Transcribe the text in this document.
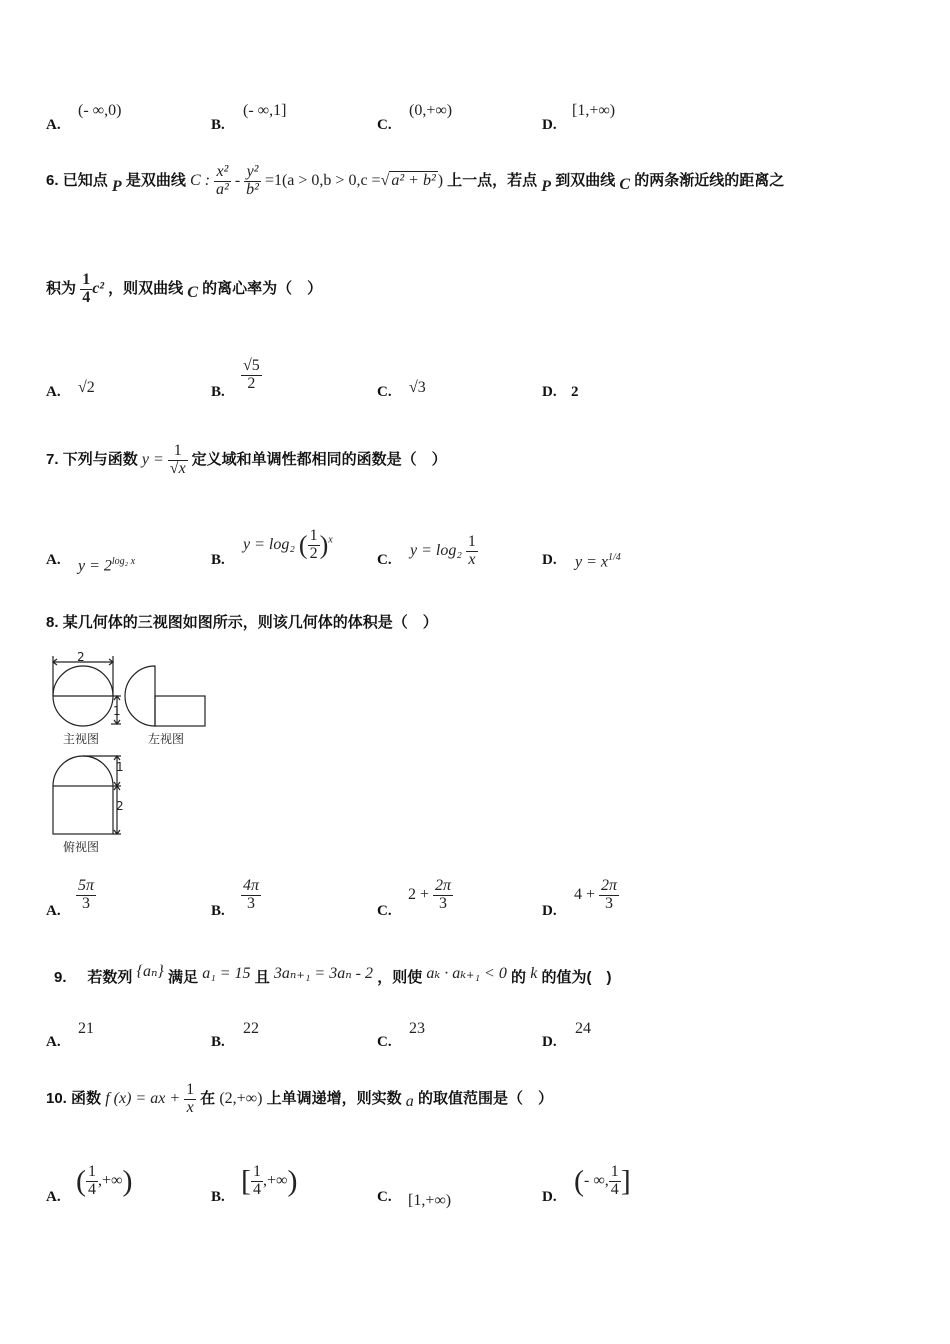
A.
(- ∞,0)
B.
(- ∞,1]
C.
(0,+∞)
D.
[1,+∞)
6. 已知点 P 是双曲线 C : $\frac{\text{x²}}{\text{a²}} - \frac{\text{y²}}{\text{b²}} =1(a > 0,b > 0,c$ =√ a² + b² ) 上一点，若点 P 到双曲线 C 的两条渐近线的距离之
积为 $\frac{1}{4} c^2$ ，则双曲线 C 的离心率为（　）
A. √2	B. $\frac{√5}{2}$	C. √3	D. 2
7. 下列与函数 $y = \frac{1}{√x}$ 定义域和单调性都相同的函数是（　）
A. $y = 2^{log_2 x}$	B.
y = log₂ ( $\frac{1}{2} )^x$
C.
$y = \log_2 \frac{1}{x}$	D. $y = x^{1/4}$
8. 某几何体的三视图如图所示，则该几何体的体积是（　）
2
1
1
2
主视图	左视图
俯视图
A. $\frac{5\pi}{3}$	B. $\frac{4\pi}{3}$	C.
$2 + \frac{2\pi}{3}$	D.
$4 + \frac{2\pi}{3}$
9. 若数列 {aₙ} 满足 a₁ = 15 且 3aₙ₊₁ = 3aₙ - 2 ，则使 aₖ · aₖ₊₁ < 0 的 k 的值为(　)
A.
21
B.
22
C.
23
D.
24
10. 函数 f (x) = ax + $\frac{1}{x}$ 在 (2,+∞) 上单调递增，则实数 a 的取值范围是（　）
A. ( $\frac{1}{4}$ ,+∞)	B. [ $\frac{1}{4}$ ,+∞)	C. [1,+∞)	D. (- ∞, $\frac{1}{4}$ ]
